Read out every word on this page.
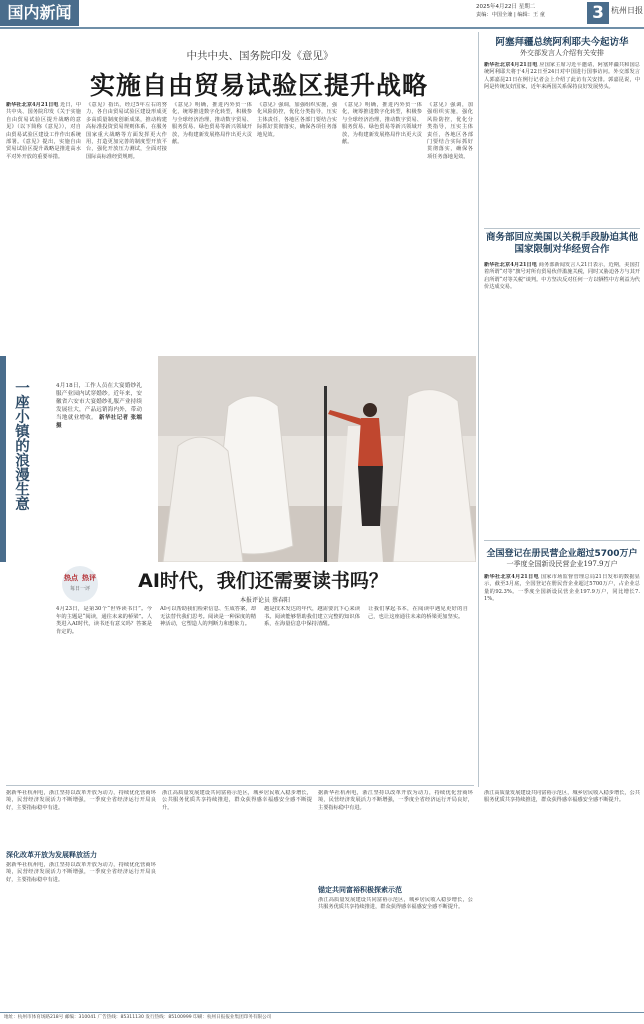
国内新闻	2025年4月22日 星期二
责编：中国全兼 | 编辑：王 童	3 杭州日报
中共中央、国务院印发《意见》
实施自由贸易试验区提升战略
新华社北京4月21日电 近日，中共中央、国务院印发《关于实施自由贸易试验区提升战略的意见》（以下简称《意见》），对自由贸易试验区建设工作作出系统部署。《意见》提出，实施自由贸易试验区提升战略是推进高水平对外开放的重要举措。
《意见》指出，经过5年左右的努力，各自由贸易试验区建设形成更多高质量制度创新成果，推动构建高标准投资贸易规则体系，在服务国家重大战略等方面发挥更大作用，打造更加完善的制度型开放平台，强化开放压力测试，全面对接国际高标准经贸规则。
《意见》明确，推进内外贸一体化，统筹推进数字化转型，积极参与全球经济治理，推动数字贸易、服务贸易、绿色贸易等新兴领域开放，为构建新发展格局作出更大贡献。
《意见》强调，加强组织实施，强化风险防控，优化分类指导，压实主体责任，各地区各部门要结合实际抓好贯彻落实，确保各项任务落地见效。
《意见》明确，推进内外贸一体化，统筹推进数字化转型，积极参与全球经济治理，推动数字贸易、服务贸易、绿色贸易等新兴领域开放，为构建新发展格局作出更大贡献。
《意见》强调，加强组织实施，强化风险防控，优化分类指导，压实主体责任，各地区各部门要结合实际抓好贯彻落实，确保各项任务落地见效。
一座小镇的浪漫生意	4月18日，工作人员在大宴婚纱礼服产业园内试穿婚纱。近年来，安徽省六安市大宴婚纱礼服产业持续发展壮大，产品远销海内外，带动当地就业增收。 新华社记者 张端 摄
热点 热评
每日一评	AI时代，我们还需要读书吗？
本报评论员 蔡春阳
4月23日，是第30个“世界读书日”。今年的主题是“阅读，通往未来的桥梁”。人类进入AI时代，读书还有意义吗？答案是肯定的。
AI可以帮助我们检索信息、生成答案，却无法替代我们思考。阅读是一种深度的精神活动，它塑造人的判断力和想象力。
越是技术发达的年代，越需要沉下心来读书。阅读能够帮助我们建立完整的知识体系，在海量信息中保持清醒。
让我们拿起书本，在阅读中遇见更好的自己，也让这座通往未来的桥梁更加坚实。
阿塞拜疆总统阿利耶夫今起访华
外交部发言人介绍有关安排
新华社北京4月21日电 应国家主席习近平邀请，阿塞拜疆共和国总统阿利耶夫将于4月22日至24日对中国进行国事访问。外交部发言人郭嘉昆21日在例行记者会上介绍了此访有关安排。郭嘉昆说，中阿是传统友好国家，近年来两国关系保持良好发展势头。
商务部回应美国以关税手段胁迫其他国家限制对华经贸合作
新华社北京4月21日电 商务部新闻发言人21日表示，近期，美国打着所谓“对等”旗号对所有贸易伙伴滥施关税，同时又胁迫各方与其开启所谓“对等关税”谈判。中方坚决反对任何一方以牺牲中方利益为代价达成交易。
全国登记在册民营企业超过5700万户
一季度全国新设民营企业197.9万户
新华社北京4月21日电 国家市场监督管理总局21日发布的数据显示，截至3月底，全国登记在册民营企业超过5700万户，占企业总量的92.3%。一季度全国新设民营企业197.9万户，同比增长7.1%。
据新华社杭州电，浙江坚持以改革开放为动力，持续优化营商环境，民营经济发展活力不断增强，一季度全省经济运行开局良好，主要指标稳中有进。
深化改革开放为发展释放活力
据新华社杭州电，浙江坚持以改革开放为动力，持续优化营商环境，民营经济发展活力不断增强，一季度全省经济运行开局良好，主要指标稳中有进。
浙江高质量发展建设共同富裕示范区，城乡居民收入稳步增长，公共服务优质共享持续推进，群众获得感幸福感安全感不断提升。
据新华社杭州电，浙江坚持以改革开放为动力，持续优化营商环境，民营经济发展活力不断增强，一季度全省经济运行开局良好，主要指标稳中有进。
锚定共同富裕积极探索示范
浙江高质量发展建设共同富裕示范区，城乡居民收入稳步增长，公共服务优质共享持续推进，群众获得感幸福感安全感不断提升。
浙江高质量发展建设共同富裕示范区，城乡居民收入稳步增长，公共服务优质共享持续推进，群众获得感幸福感安全感不断提升。
地址：杭州市体育场路218号 邮编：310041 广告热线：85311130 发行热线：85100999 印刷：杭州日报报业集团印务有限公司
